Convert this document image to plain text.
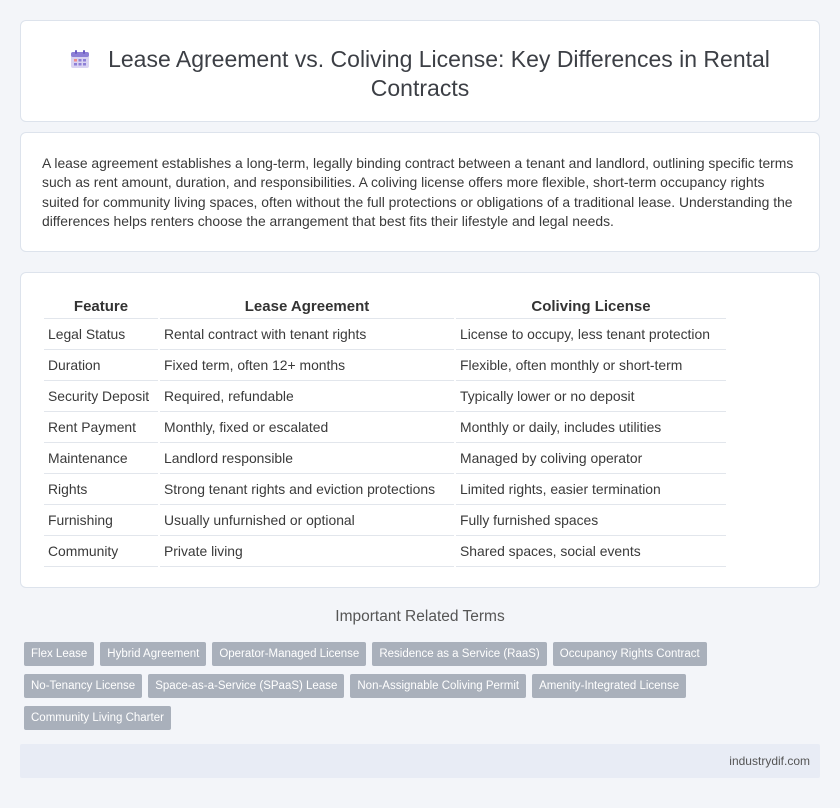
Lease Agreement vs. Coliving License: Key Differences in Rental Contracts

A lease agreement establishes a long-term, legally binding contract between a tenant and landlord, outlining specific terms such as rent amount, duration, and responsibilities. A coliving license offers more flexible, short-term occupancy rights suited for community living spaces, often without the full protections or obligations of a traditional lease. Understanding the differences helps renters choose the arrangement that best fits their lifestyle and legal needs.

Feature	Lease Agreement	Coliving License
Legal Status	Rental contract with tenant rights	License to occupy, less tenant protection
Duration	Fixed term, often 12+ months	Flexible, often monthly or short-term
Security Deposit	Required, refundable	Typically lower or no deposit
Rent Payment	Monthly, fixed or escalated	Monthly or daily, includes utilities
Maintenance	Landlord responsible	Managed by coliving operator
Rights	Strong tenant rights and eviction protections	Limited rights, easier termination
Furnishing	Usually unfurnished or optional	Fully furnished spaces
Community	Private living	Shared spaces, social events
Important Related Terms
Flex Lease	Hybrid Agreement	Operator-Managed License	Residence as a Service (RaaS)	Occupancy Rights Contract
No-Tenancy License	Space-as-a-Service (SPaaS) Lease	Non-Assignable Coliving Permit	Amenity-Integrated License
Community Living Charter
industrydif.com
